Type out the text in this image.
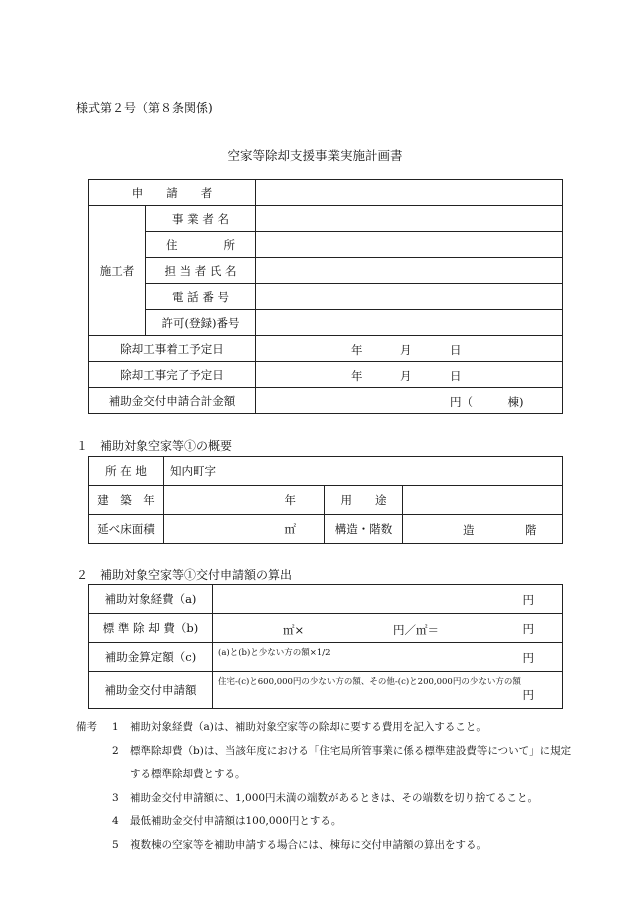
様式第２号（第８条関係)
空家等除却支援事業実施計画書
申　　請　　者		
施工者	事 業 者 名	
	住　　　　所	
	担 当 者 氏 名	
	電 話 番 号	
	許可(登録)番号	
除却工事着工予定日		年 月 日

除却工事完了予定日		年 月 日

補助金交付申請合計金額		円（　　　棟)
１　補助対象空家等①の概要
所 在 地	知内町字		
建　築　年	年	用　　途	
延べ床面積	㎡	構造・階数	造 階
２　補助対象空家等①交付申請額の算出
補助対象経費（a)	円

標 準 除 却 費（b)	㎡× 円／㎡＝ 円

補助金算定額（c)	(a)と(b)と少ない方の額×1/2 円

補助金交付申請額	住宅-(c)と600,000円の少ない方の額、その他-(c)と200,000円の少ない方の額
円
備考	1	補助対象経費（a)は、補助対象空家等の除却に要する費用を記入すること。
2	標準除却費（b)は、当該年度における「住宅局所管事業に係る標準建設費等について」に規定
する標準除却費とする。
3	補助金交付申請額に、1,000円未満の端数があるときは、その端数を切り捨てること。
4	最低補助金交付申請額は100,000円とする。
5	複数棟の空家等を補助申請する場合には、棟毎に交付申請額の算出をする。
